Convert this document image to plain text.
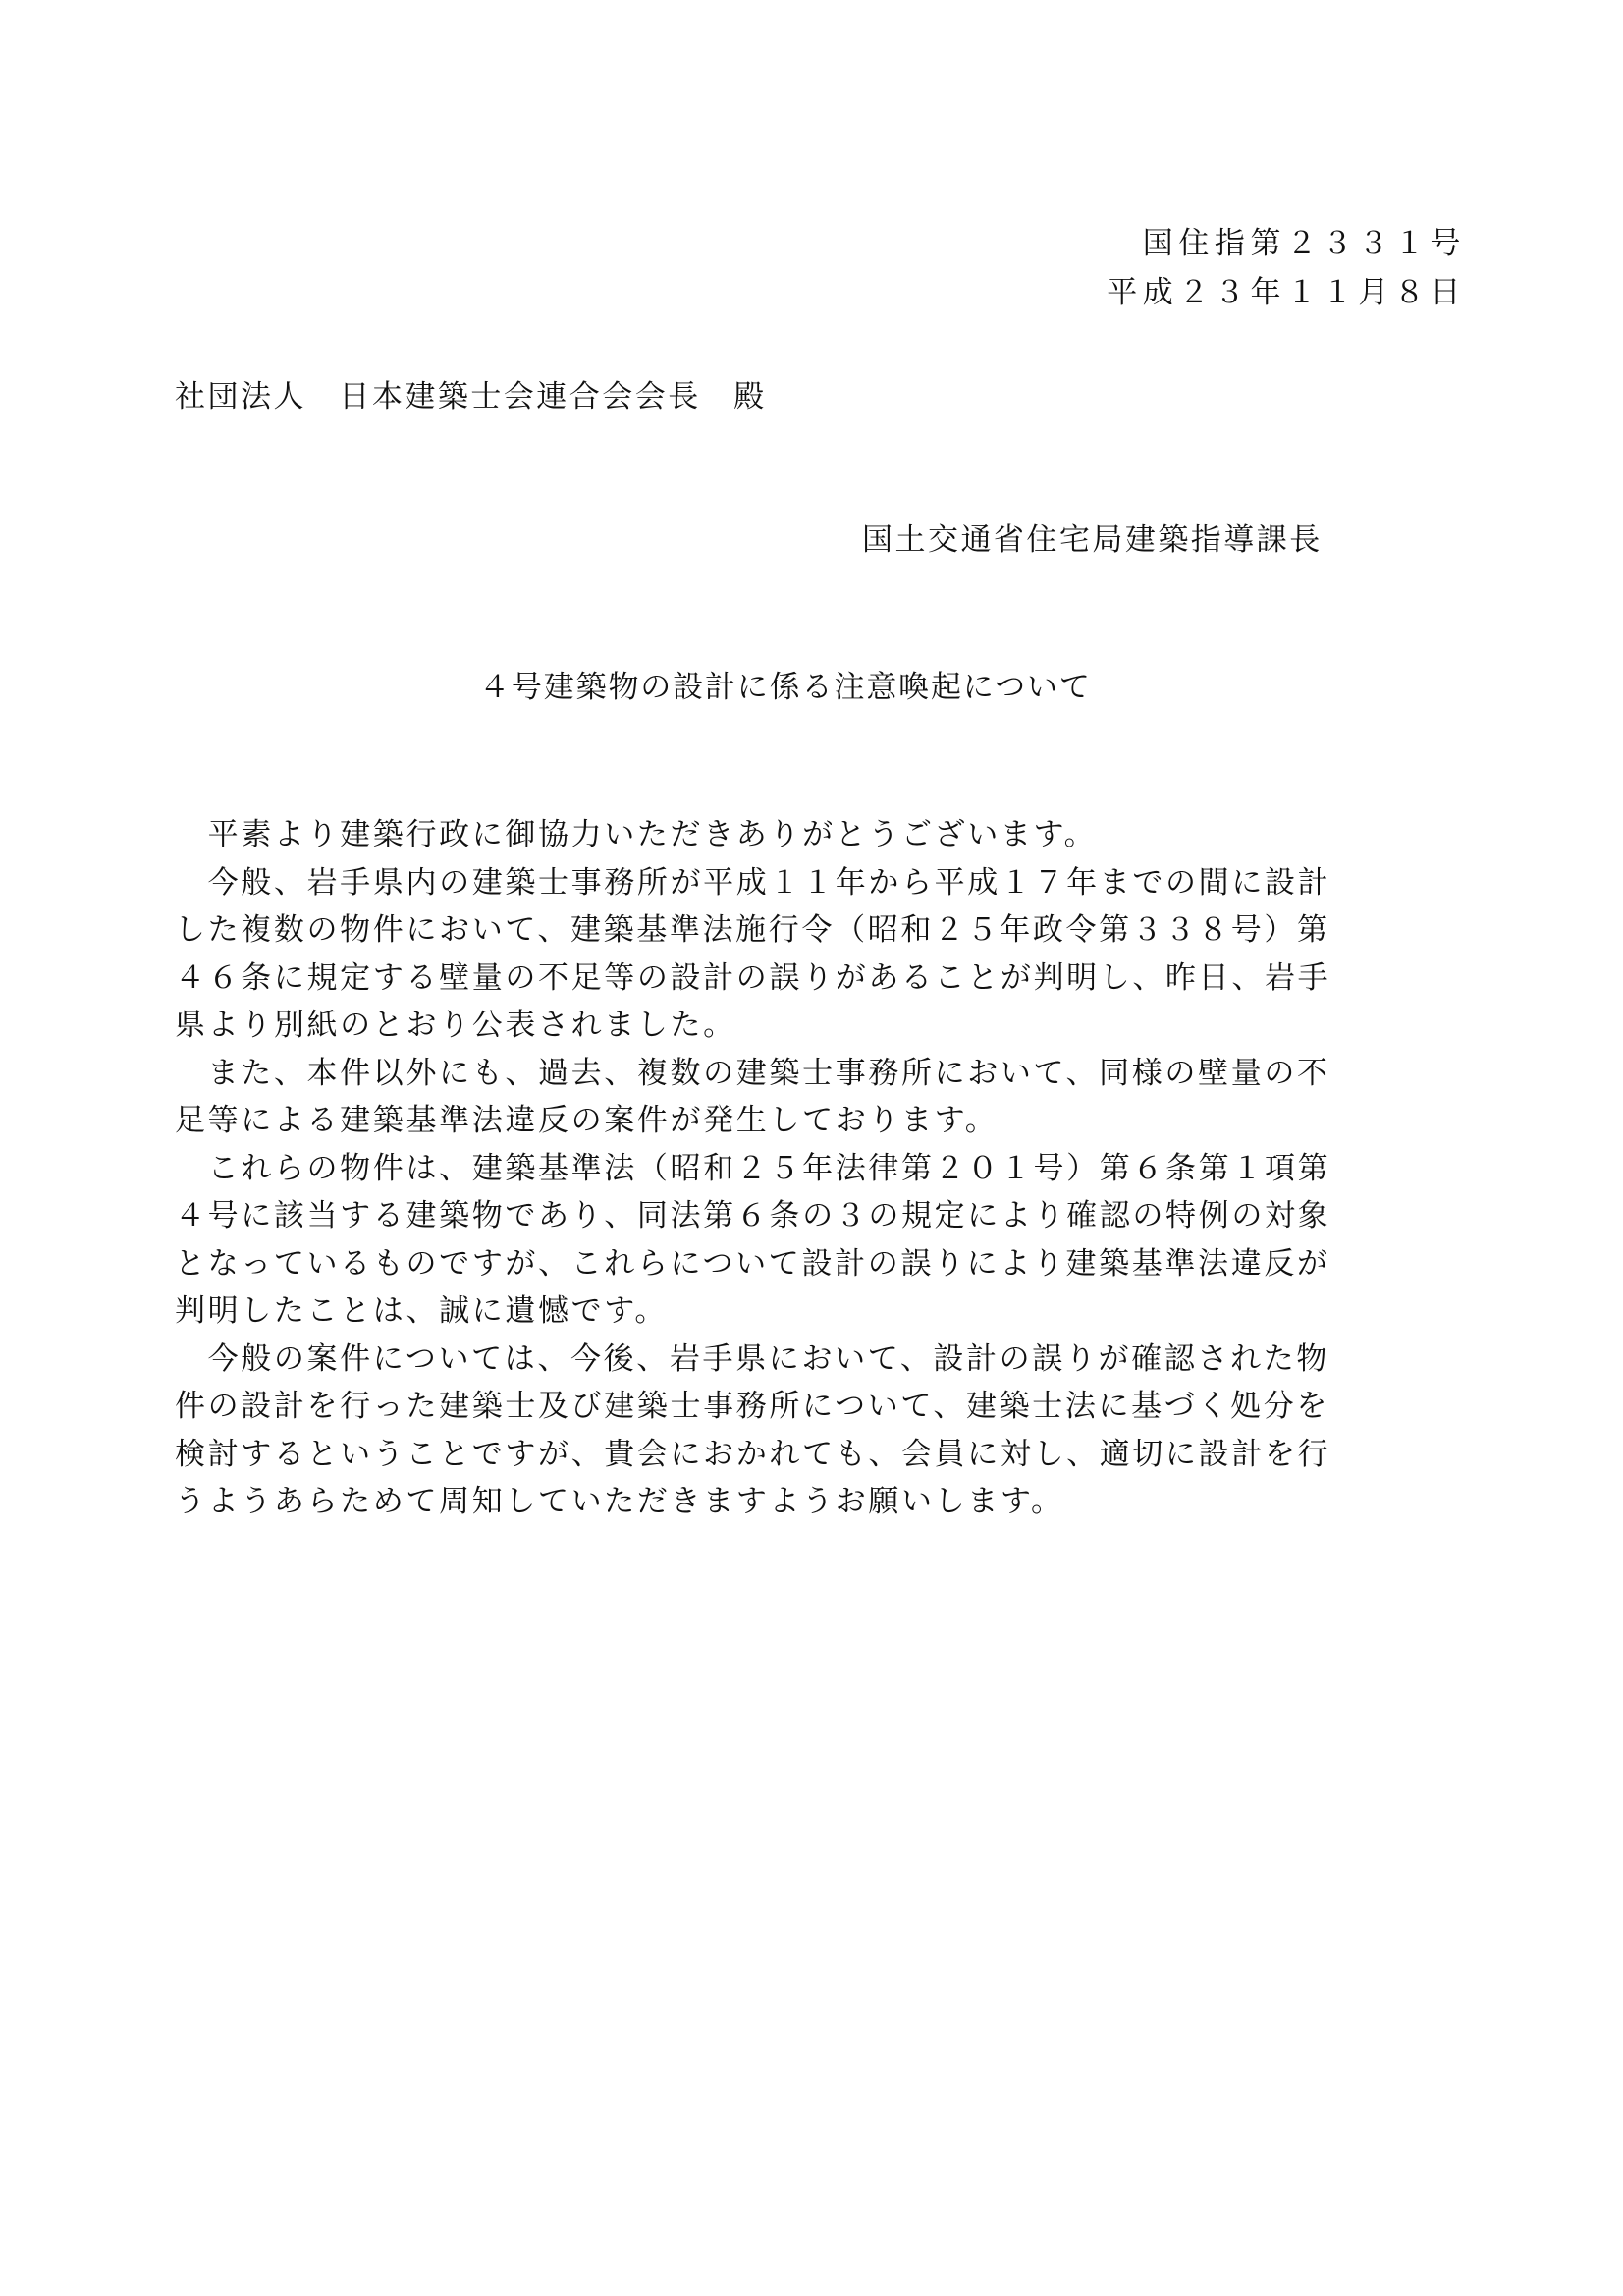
国住指第２３３１号
平成２３年１１月８日
社団法人　日本建築士会連合会会長　殿
国土交通省住宅局建築指導課長
４号建築物の設計に係る注意喚起について
　平素より建築行政に御協力いただきありがとうございます。
　今般、岩手県内の建築士事務所が平成１１年から平成１７年までの間に設計
した複数の物件において、建築基準法施行令（昭和２５年政令第３３８号）第
４６条に規定する壁量の不足等の設計の誤りがあることが判明し、昨日、岩手
県より別紙のとおり公表されました。
　また、本件以外にも、過去、複数の建築士事務所において、同様の壁量の不
足等による建築基準法違反の案件が発生しております。
　これらの物件は、建築基準法（昭和２５年法律第２０１号）第６条第１項第
４号に該当する建築物であり、同法第６条の３の規定により確認の特例の対象
となっているものですが、これらについて設計の誤りにより建築基準法違反が
判明したことは、誠に遺憾です。
　今般の案件については、今後、岩手県において、設計の誤りが確認された物
件の設計を行った建築士及び建築士事務所について、建築士法に基づく処分を
検討するということですが、貴会におかれても、会員に対し、適切に設計を行
うようあらためて周知していただきますようお願いします。
